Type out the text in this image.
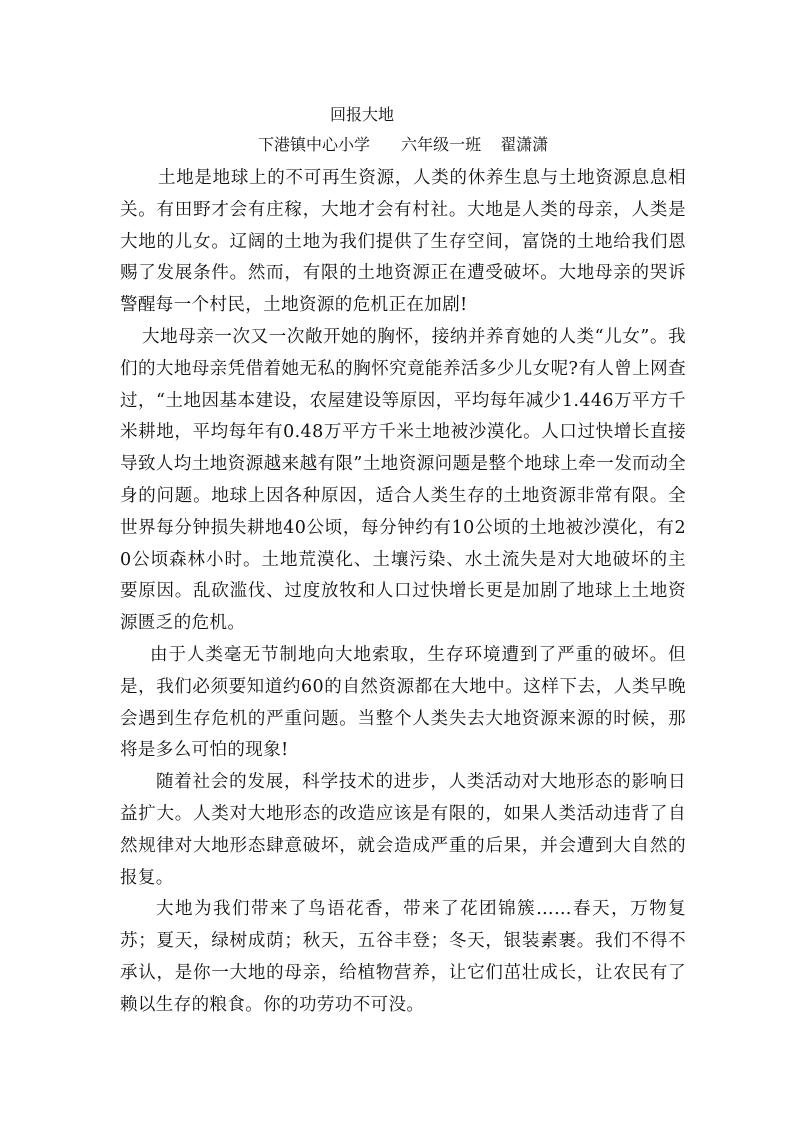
回报大地
下港镇中心小学 六年级一班 翟潇潇

土地是地球上的不可再生资源，人类的休养生息与土地资源息息相关。有田野才会有庄稼，大地才会有村社。大地是人类的母亲，人类是大地的儿女。辽阔的土地为我们提供了生存空间，富饶的土地给我们恩赐了发展条件。然而，有限的土地资源正在遭受破坏。大地母亲的哭诉警醒每一个村民，土地资源的危机正在加剧!

大地母亲一次又一次敞开她的胸怀，接纳并养育她的人类“儿女”。我们的大地母亲凭借着她无私的胸怀究竟能养活多少儿女呢?有人曾上网查过，“土地因基本建设，农屋建设等原因，平均每年减少1.446万平方千米耕地，平均每年有0.48万平方千米土地被沙漠化。人口过快增长直接导致人均土地资源越来越有限”土地资源问题是整个地球上牵一发而动全身的问题。地球上因各种原因，适合人类生存的土地资源非常有限。全世界每分钟损失耕地40公顷，每分钟约有10公顷的土地被沙漠化，有20公顷森林小时。土地荒漠化、土壤污染、水土流失是对大地破坏的主要原因。乱砍滥伐、过度放牧和人口过快增长更是加剧了地球上土地资源匮乏的危机。

由于人类毫无节制地向大地索取，生存环境遭到了严重的破坏。但是，我们必须要知道约60的自然资源都在大地中。这样下去，人类早晚会遇到生存危机的严重问题。当整个人类失去大地资源来源的时候，那将是多么可怕的现象!

随着社会的发展，科学技术的进步，人类活动对大地形态的影响日益扩大。人类对大地形态的改造应该是有限的，如果人类活动违背了自然规律对大地形态肆意破坏，就会造成严重的后果，并会遭到大自然的报复。

大地为我们带来了鸟语花香，带来了花团锦簇……春天，万物复苏；夏天，绿树成荫；秋天，五谷丰登；冬天，银装素裹。我们不得不承认，是你一大地的母亲，给植物营养，让它们茁壮成长，让农民有了赖以生存的粮食。你的功劳功不可没。
